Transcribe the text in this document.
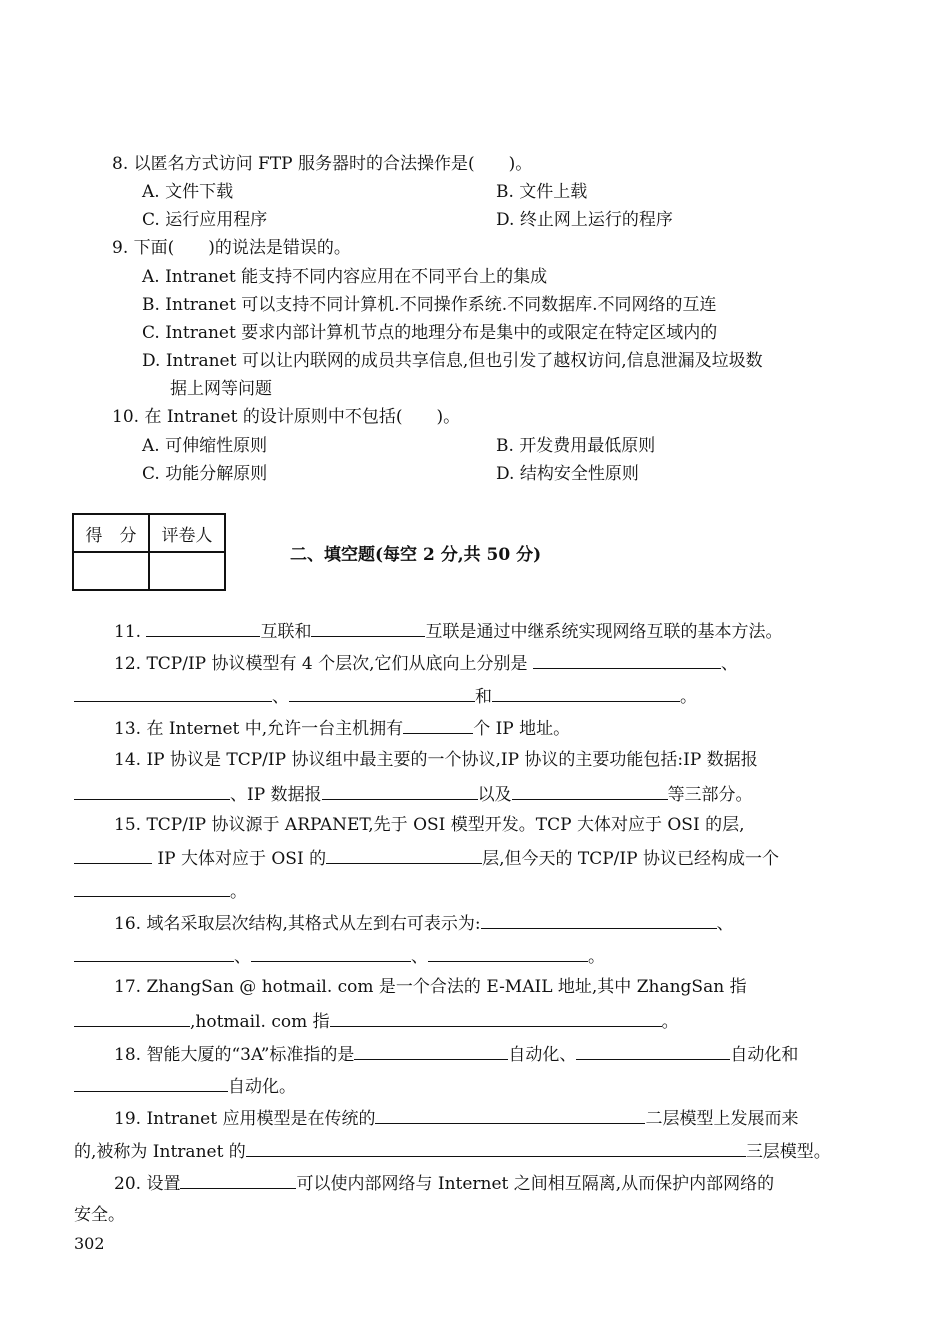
8. 以匿名方式访问 FTP 服务器时的合法操作是(　　)。
A. 文件下载	B. 文件上载
C. 运行应用程序	D. 终止网上运行的程序
9. 下面(　　)的说法是错误的。
A. Intranet 能支持不同内容应用在不同平台上的集成
B. Intranet 可以支持不同计算机.不同操作系统.不同数据库.不同网络的互连
C. Intranet 要求内部计算机节点的地理分布是集中的或限定在特定区域内的
D. Intranet 可以让内联网的成员共享信息,但也引发了越权访问,信息泄漏及垃圾数
据上网等问题
10. 在 Intranet 的设计原则中不包括(　　)。
A. 可伸缩性原则	B. 开发费用最低原则
C. 功能分解原则	D. 结构安全性原则
得　分	评卷人

二、填空题(每空 2 分,共 50 分)
11.	互联和	互联是通过中继系统实现网络互联的基本方法。
12. TCP/IP 协议模型有 4 个层次,它们从底向上分别是	、
、	和	。
13. 在 Internet 中,允许一台主机拥有	个 IP 地址。
14. IP 协议是 TCP/IP 协议组中最主要的一个协议,IP 协议的主要功能包括:IP 数据报
、IP 数据报	以及	等三部分。
15. TCP/IP 协议源于 ARPANET,先于 OSI 模型开发。TCP 大体对应于 OSI 的层,
IP 大体对应于 OSI 的	层,但今天的 TCP/IP 协议已经构成一个
。
16. 域名采取层次结构,其格式从左到右可表示为:	、
、	、	。
17. ZhangSan @ hotmail. com 是一个合法的 E-MAIL 地址,其中 ZhangSan 指
,hotmail. com 指	。
18. 智能大厦的“3A”标准指的是	自动化、	自动化和
自动化。
19. Intranet 应用模型是在传统的	二层模型上发展而来
的,被称为 Intranet 的	三层模型。
20. 设置	可以使内部网络与 Internet 之间相互隔离,从而保护内部网络的
安全。
302
